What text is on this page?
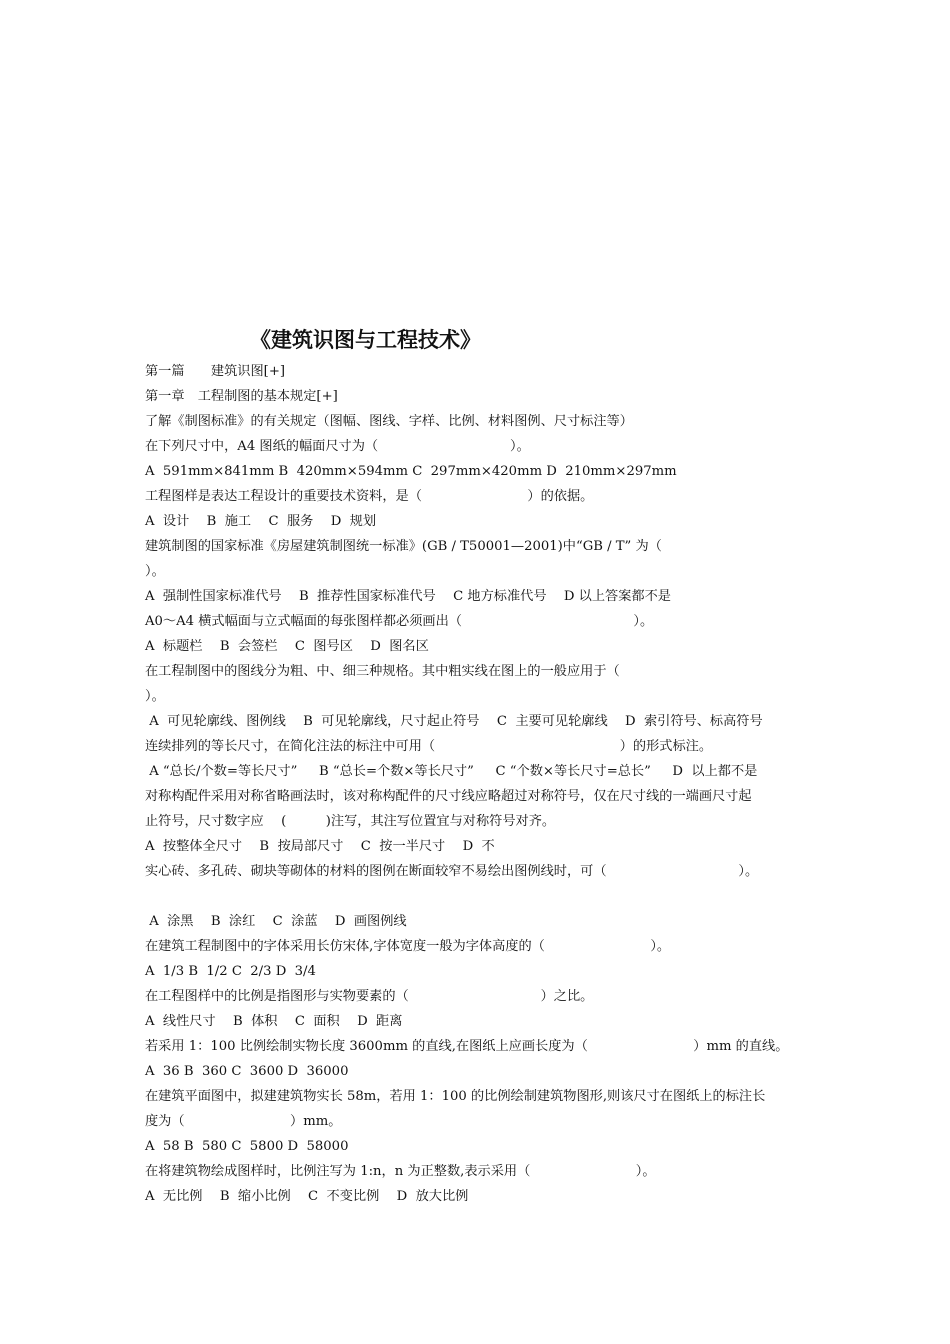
《建筑识图与工程技术》
第一篇　　建筑识图[+]
第一章　工程制图的基本规定[+]
了解《制图标准》的有关规定（图幅、图线、字样、比例、材料图例、尺寸标注等）
在下列尺寸中，A4 图纸的幅面尺寸为（　　　　　　　　　　）。
A  591mm×841mm B  420mm×594mm C  297mm×420mm D  210mm×297mm
工程图样是表达工程设计的重要技术资料，是（　　　　　　　　）的依据。
A  设计　 B  施工　 C  服务　 D  规划
建筑制图的国家标准《房屋建筑制图统一标准》(GB / T50001—2001)中“GB / T” 为（
）。
A  强制性国家标准代号　 B  推荐性国家标准代号　 C 地方标准代号　 D 以上答案都不是
A0～A4 横式幅面与立式幅面的每张图样都必须画出（　　　　　　　　　　　　　）。
A  标题栏　 B  会签栏　 C  图号区　 D  图名区
在工程制图中的图线分为粗、中、细三种规格。其中粗实线在图上的一般应用于（
）。
A  可见轮廓线、图例线　 B  可见轮廓线，尺寸起止符号　 C  主要可见轮廓线　 D  索引符号、标高符号
连续排列的等长尺寸，在简化注法的标注中可用（　　　　　　　　　　　　　　）的形式标注。
A “总长/个数=等长尺寸”　  B “总长=个数×等长尺寸”　  C “个数×等长尺寸=总长”　  D  以上都不是
对称构配件采用对称省略画法时，该对称构配件的尺寸线应略超过对称符号，仅在尺寸线的一端画尺寸起
止符号，尺寸数字应　 (　　　)注写，其注写位置宜与对称符号对齐。
A  按整体全尺寸　 B  按局部尺寸　 C  按一半尺寸　 D  不
实心砖、多孔砖、砌块等砌体的材料的图例在断面较窄不易绘出图例线时，可（　　　　　　　　　　）。
A  涂黑　 B  涂红　 C  涂蓝　 D  画图例线
在建筑工程制图中的字体采用长仿宋体,字体宽度一般为字体高度的（　　　　　　　　）。
A  1/3 B  1/2 C  2/3 D  3/4
在工程图样中的比例是指图形与实物要素的（　　　　　　　　　　）之比。
A  线性尺寸　 B  体积　 C  面积　 D  距离
若采用 1：100 比例绘制实物长度 3600mm 的直线,在图纸上应画长度为（　　　　　　　　）mm 的直线。
A  36 B  360 C  3600 D  36000
在建筑平面图中，拟建建筑物实长 58m，若用 1：100 的比例绘制建筑物图形,则该尺寸在图纸上的标注长
度为（　　　　　　　　）mm。
A  58 B  580 C  5800 D  58000
在将建筑物绘成图样时，比例注写为 1:n，n 为正整数,表示采用（　　　　　　　　）。
A  无比例　 B  缩小比例　 C  不变比例　 D  放大比例
